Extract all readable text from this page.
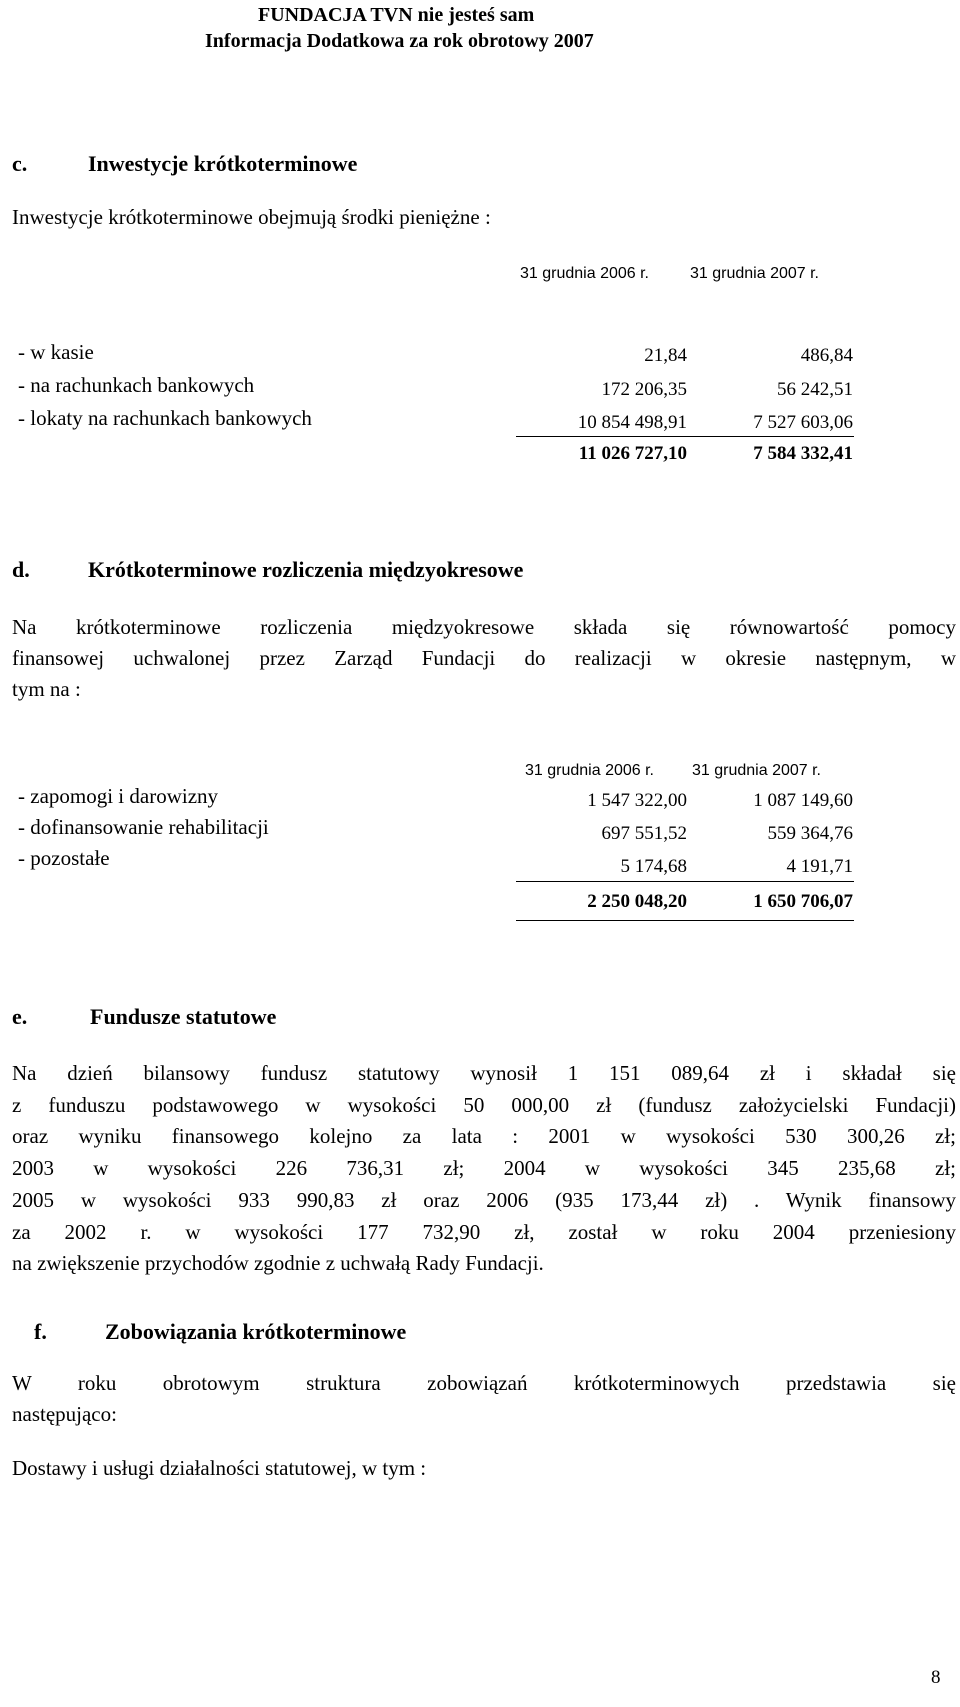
FUNDACJA TVN nie jesteś sam
Informacja Dodatkowa za rok obrotowy 2007
c.	Inwestycje krótkoterminowe
Inwestycje krótkoterminowe obejmują środki pieniężne :
31 grudnia 2006 r.	31 grudnia 2007 r.
- w kasie	21,84	486,84
- na rachunkach bankowych	172 206,35	56 242,51
- lokaty na rachunkach bankowych	10 854 498,91	7 527 603,06
11 026 727,10	7 584 332,41
d.	Krótkoterminowe rozliczenia międzyokresowe
Na krótkoterminowe rozliczenia międzyokresowe składa się równowartość pomocy
finansowej uchwalonej przez Zarząd Fundacji do realizacji w okresie następnym, w
tym na :
31 grudnia 2006 r. 31 grudnia 2007 r.
- zapomogi i darowizny	1 547 322,00	1 087 149,60
- dofinansowanie rehabilitacji	697 551,52	559 364,76
- pozostałe	5 174,68	4 191,71
2 250 048,20	1 650 706,07
e.	Fundusze statutowe
Na dzień bilansowy fundusz statutowy wynosił 1 151 089,64 zł i składał się
z funduszu podstawowego w wysokości 50 000,00 zł (fundusz założycielski Fundacji)
oraz wyniku finansowego kolejno za lata : 2001 w wysokości 530 300,26 zł;
2003 w wysokości 226 736,31 zł; 2004 w wysokości 345 235,68 zł;
2005 w wysokości 933 990,83 zł oraz 2006 (935 173,44 zł) . Wynik finansowy
za 2002 r. w wysokości 177 732,90 zł, został w roku 2004 przeniesiony
na zwiększenie przychodów zgodnie z uchwałą Rady Fundacji.
f.	Zobowiązania krótkoterminowe
W roku obrotowym struktura zobowiązań krótkoterminowych przedstawia się
następująco:
Dostawy i usługi działalności statutowej, w tym :
8
